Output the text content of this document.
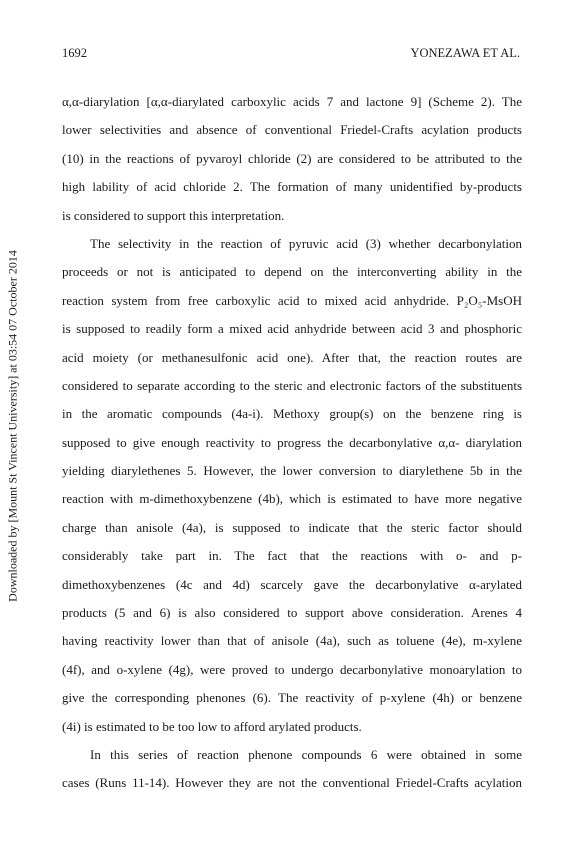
1692	YONEZAWA ET AL.
Downloaded by [Mount St Vincent University] at 03:54 07 October 2014
α,α-diarylation [α,α-diarylated carboxylic acids 7 and lactone 9] (Scheme 2). The
lower selectivities and absence of conventional Friedel-Crafts acylation products
(10) in the reactions of pyvaroyl chloride (2) are considered to be attributed to the
high lability of acid chloride 2. The formation of many unidentified by-products
is considered to support this interpretation.
The selectivity in the reaction of pyruvic acid (3) whether decarbonylation
proceeds or not is anticipated to depend on the interconverting ability in the
reaction system from free carboxylic acid to mixed acid anhydride. P₂O₅-MsOH
is supposed to readily form a mixed acid anhydride between acid 3 and phosphoric
acid moiety (or methanesulfonic acid one). After that, the reaction routes are
considered to separate according to the steric and electronic factors of the substituents
in the aromatic compounds (4a-i). Methoxy group(s) on the benzene ring is
supposed to give enough reactivity to progress the decarbonylative α,α- diarylation
yielding diarylethenes 5. However, the lower conversion to diarylethene 5b in the
reaction with m-dimethoxybenzene (4b), which is estimated to have more negative
charge than anisole (4a), is supposed to indicate that the steric factor should
considerably take part in. The fact that the reactions with o- and p-
dimethoxybenzenes (4c and 4d) scarcely gave the decarbonylative α-arylated
products (5 and 6) is also considered to support above consideration. Arenes 4
having reactivity lower than that of anisole (4a), such as toluene (4e), m-xylene
(4f), and o-xylene (4g), were proved to undergo decarbonylative monoarylation to
give the corresponding phenones (6). The reactivity of p-xylene (4h) or benzene
(4i) is estimated to be too low to afford arylated products.
In this series of reaction phenone compounds 6 were obtained in some
cases (Runs 11-14). However they are not the conventional Friedel-Crafts acylation
